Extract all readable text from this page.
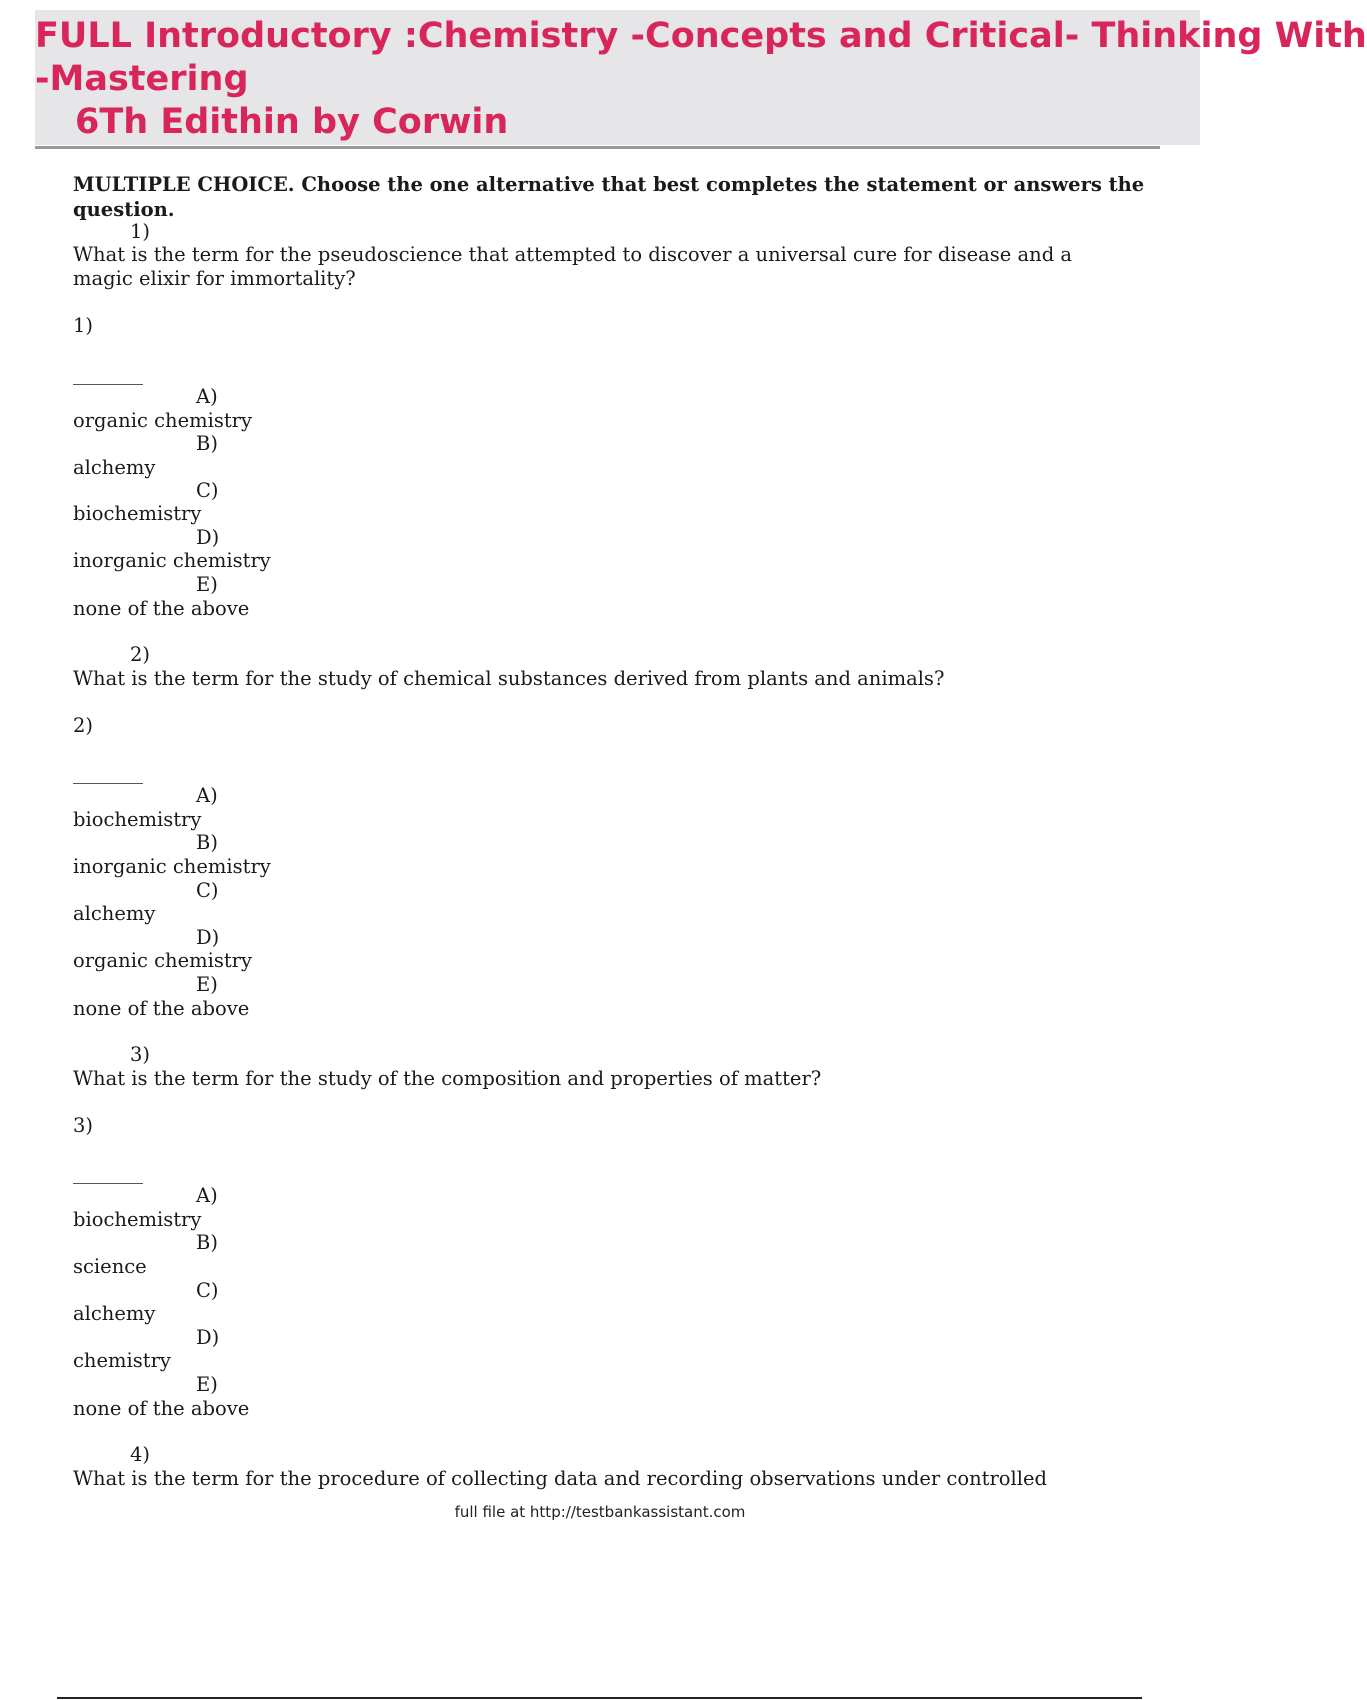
FULL Introductory :Chemistry -Concepts and Critical- Thinking With
-Mastering
6Th Edithin by Corwin
MULTIPLE CHOICE. Choose the one alternative that best completes the statement or answers the question.
1)
What is the term for the pseudoscience that attempted to discover a universal cure for disease and a magic elixir for immortality?
1)
A)
organic chemistry
B)
alchemy
C)
biochemistry
D)
inorganic chemistry
E)
none of the above
2)
What is the term for the study of chemical substances derived from plants and animals?
2)
A)
biochemistry
B)
inorganic chemistry
C)
alchemy
D)
organic chemistry
E)
none of the above
3)
What is the term for the study of the composition and properties of matter?
3)
A)
biochemistry
B)
science
C)
alchemy
D)
chemistry
E)
none of the above
4)
What is the term for the procedure of collecting data and recording observations under controlled
full file at http://testbankassistant.com
